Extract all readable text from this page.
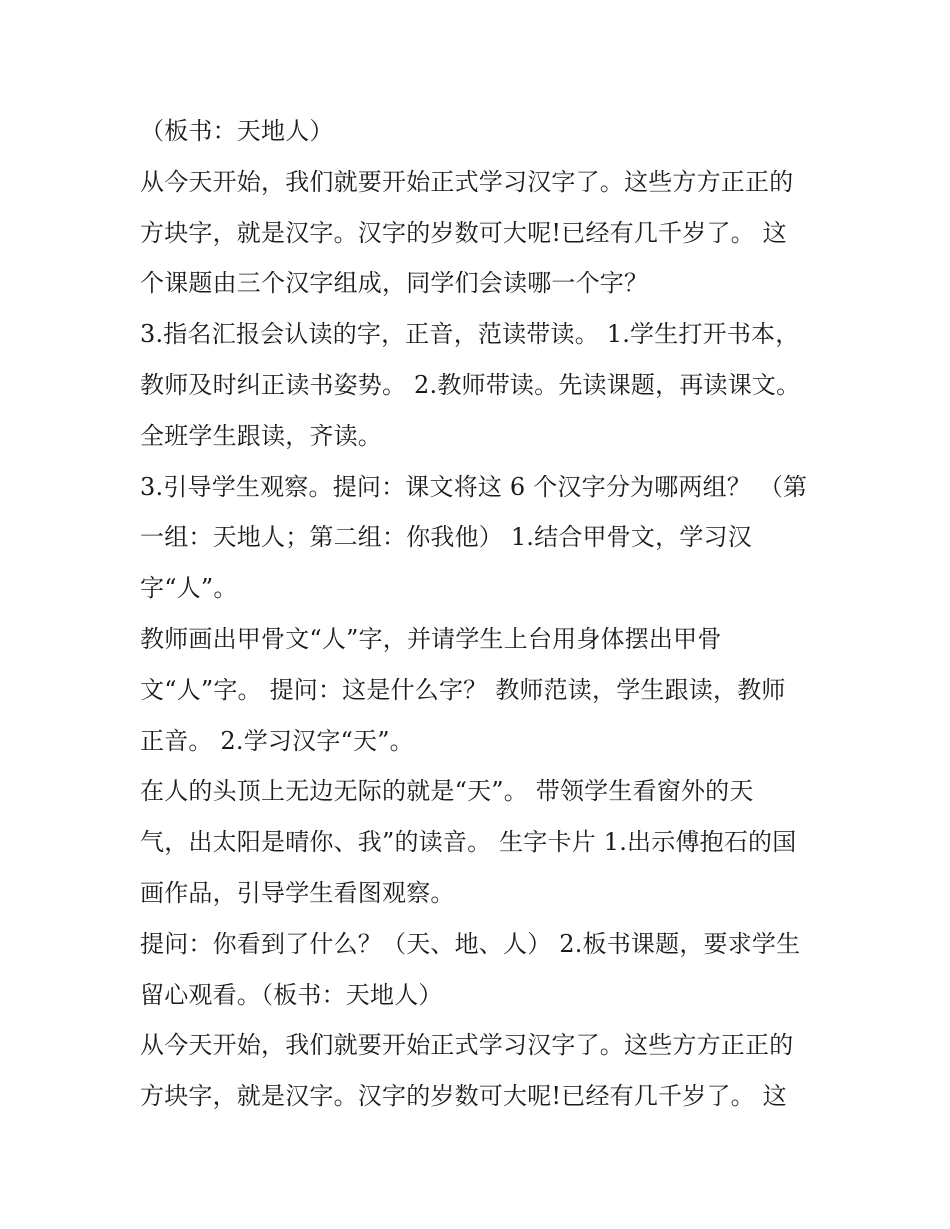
（板书：天地人）
从今天开始，我们就要开始正式学习汉字了。这些方方正正的
方块字，就是汉字。汉字的岁数可大呢!已经有几千岁了。 这
个课题由三个汉字组成，同学们会读哪一个字？
3.指名汇报会认读的字，正音，范读带读。 1.学生打开书本，
教师及时纠正读书姿势。 2.教师带读。先读课题，再读课文。
全班学生跟读，齐读。
3.引导学生观察。提问：课文将这 6 个汉字分为哪两组？ （第
一组：天地人；第二组：你我他） 1.结合甲骨文，学习汉
字“人”。
教师画出甲骨文“人”字，并请学生上台用身体摆出甲骨
文“人”字。 提问：这是什么字？ 教师范读，学生跟读，教师
正音。 2.学习汉字“天”。
在人的头顶上无边无际的就是“天”。 带领学生看窗外的天
气，出太阳是晴你、我”的读音。 生字卡片 1.出示傅抱石的国
画作品，引导学生看图观察。
提问：你看到了什么？（天、地、人） 2.板书课题，要求学生
留心观看。（板书：天地人）
从今天开始，我们就要开始正式学习汉字了。这些方方正正的
方块字，就是汉字。汉字的岁数可大呢!已经有几千岁了。 这
